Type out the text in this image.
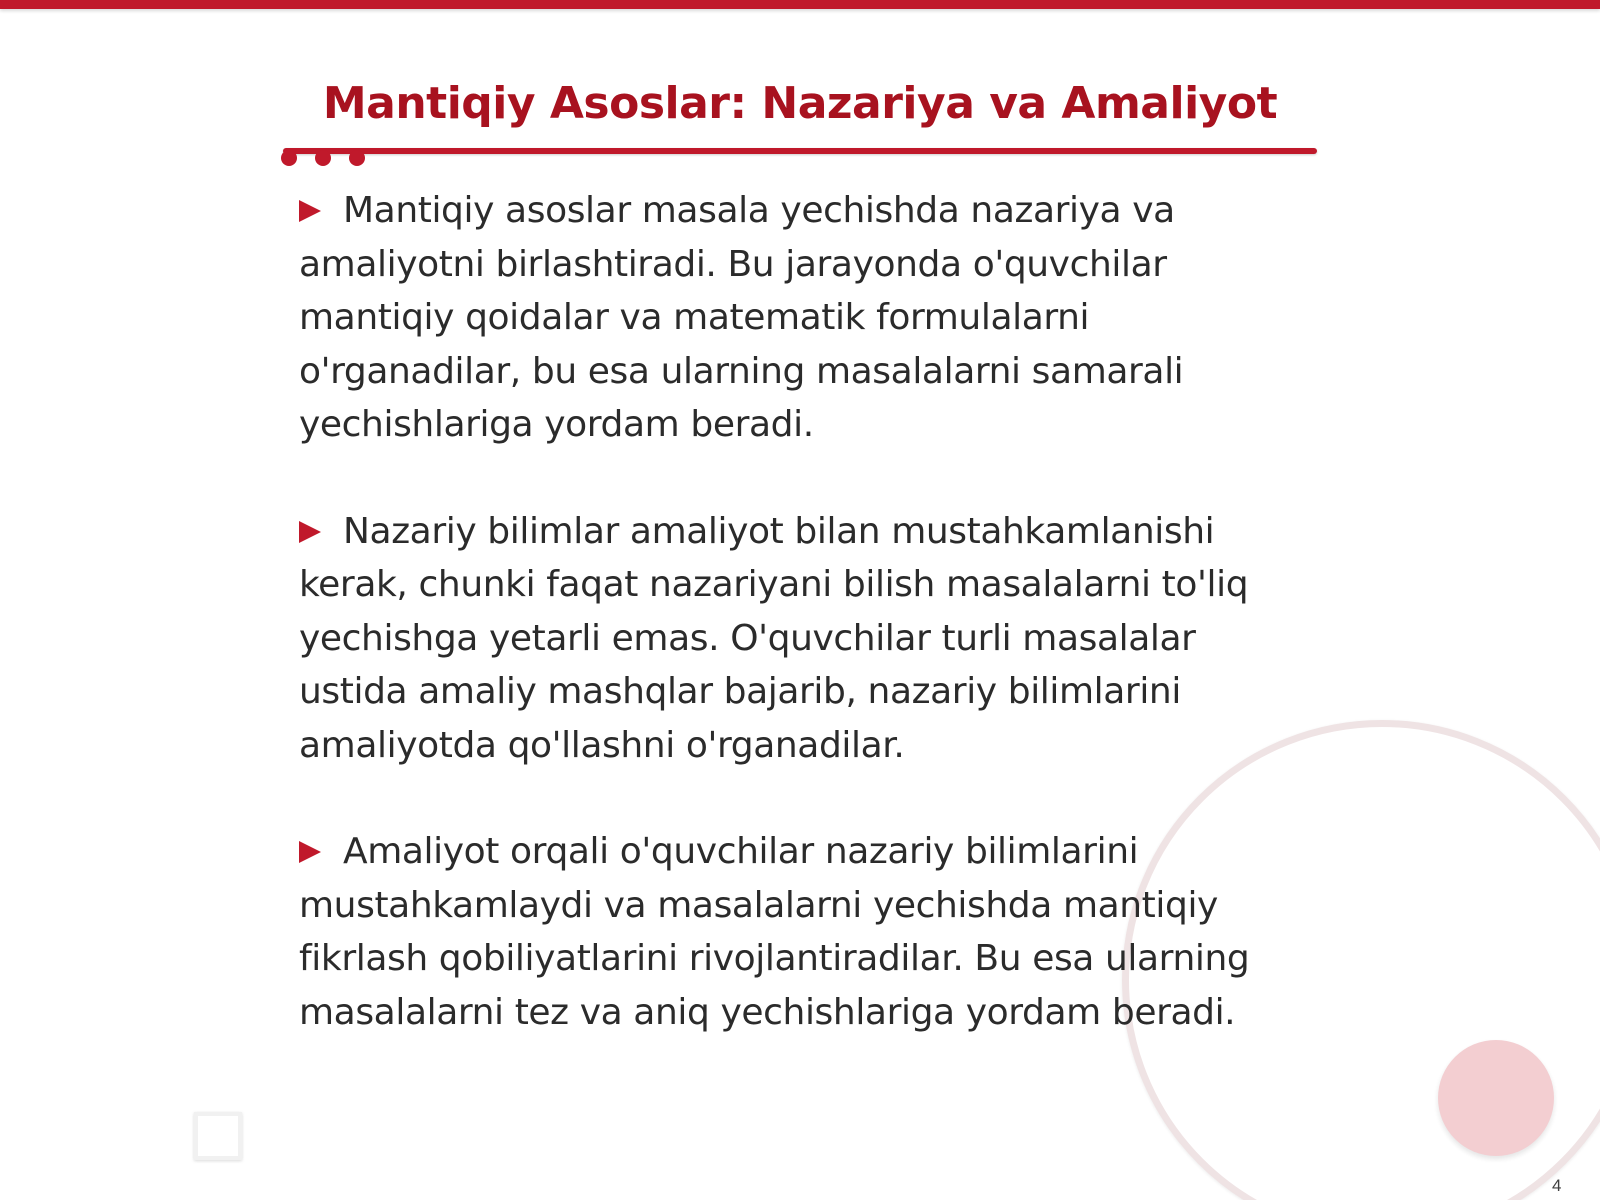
Mantiqiy Asoslar: Nazariya va Amaliyot

Mantiqiy asoslar masala yechishda nazariya va amaliyotni birlashtiradi. Bu jarayonda o'quvchilar mantiqiy qoidalar va matematik formulalarni o'rganadilar, bu esa ularning masalalarni samarali yechishlariga yordam beradi.

Nazariy bilimlar amaliyot bilan mustahkamlanishi kerak, chunki faqat nazariyani bilish masalalarni to'liq yechishga yetarli emas. O'quvchilar turli masalalar ustida amaliy mashqlar bajarib, nazariy bilimlarini amaliyotda qo'llashni o'rganadilar.

Amaliyot orqali o'quvchilar nazariy bilimlarini mustahkamlaydi va masalalarni yechishda mantiqiy fikrlash qobiliyatlarini rivojlantiradilar. Bu esa ularning masalalarni tez va aniq yechishlariga yordam beradi.

4
